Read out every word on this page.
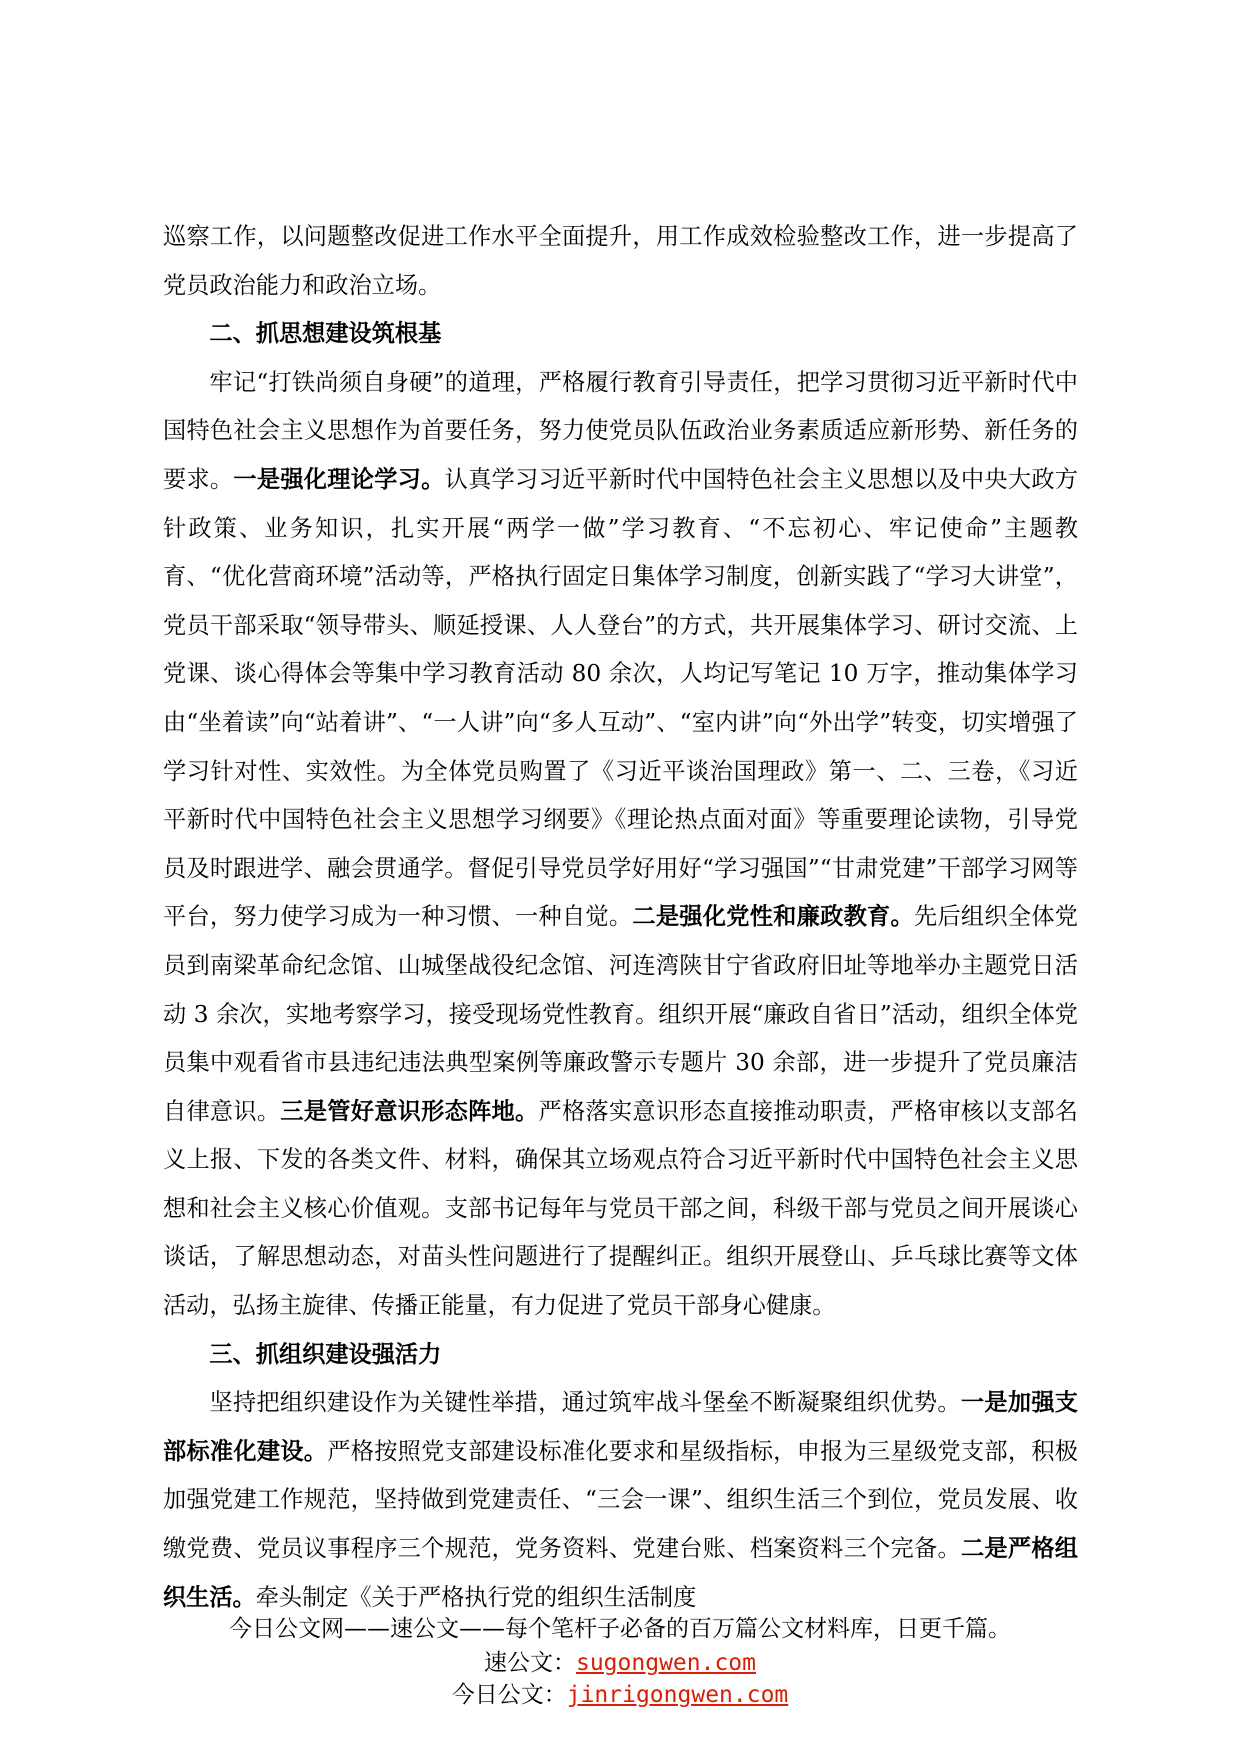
巡察工作，以问题整改促进工作水平全面提升，用工作成效检验整改工作，进一步提高了党员政治能力和政治立场。

二、抓思想建设筑根基

牢记“打铁尚须自身硬”的道理，严格履行教育引导责任，把学习贯彻习近平新时代中国特色社会主义思想作为首要任务，努力使党员队伍政治业务素质适应新形势、新任务的要求。一是强化理论学习。认真学习习近平新时代中国特色社会主义思想以及中央大政方针政策、业务知识，扎实开展“两学一做”学习教育、“不忘初心、牢记使命”主题教育、“优化营商环境”活动等，严格执行固定日集体学习制度，创新实践了“学习大讲堂”，党员干部采取“领导带头、顺延授课、人人登台”的方式，共开展集体学习、研讨交流、上党课、谈心得体会等集中学习教育活动 80 余次，人均记写笔记 10 万字，推动集体学习由“坐着读”向“站着讲”、“一人讲”向“多人互动”、“室内讲”向“外出学”转变，切实增强了学习针对性、实效性。为全体党员购置了《习近平谈治国理政》第一、二、三卷，《习近平新时代中国特色社会主义思想学习纲要》《理论热点面对面》等重要理论读物，引导党员及时跟进学、融会贯通学。督促引导党员学好用好“学习强国”“甘肃党建”干部学习网等平台，努力使学习成为一种习惯、一种自觉。二是强化党性和廉政教育。先后组织全体党员到南梁革命纪念馆、山城堡战役纪念馆、河连湾陕甘宁省政府旧址等地举办主题党日活动 3 余次，实地考察学习，接受现场党性教育。组织开展“廉政自省日”活动，组织全体党员集中观看省市县违纪违法典型案例等廉政警示专题片 30 余部，进一步提升了党员廉洁自律意识。三是管好意识形态阵地。严格落实意识形态直接推动职责，严格审核以支部名义上报、下发的各类文件、材料，确保其立场观点符合习近平新时代中国特色社会主义思想和社会主义核心价值观。支部书记每年与党员干部之间，科级干部与党员之间开展谈心谈话，了解思想动态，对苗头性问题进行了提醒纠正。组织开展登山、乒乓球比赛等文体活动，弘扬主旋律、传播正能量，有力促进了党员干部身心健康。

三、抓组织建设强活力

坚持把组织建设作为关键性举措，通过筑牢战斗堡垒不断凝聚组织优势。一是加强支部标准化建设。严格按照党支部建设标准化要求和星级指标，申报为三星级党支部，积极加强党建工作规范，坚持做到党建责任、“三会一课”、组织生活三个到位，党员发展、收缴党费、党员议事程序三个规范，党务资料、党建台账、档案资料三个完备。二是严格组织生活。牵头制定《关于严格执行党的组织生活制度

今日公文网——速公文——每个笔杆子必备的百万篇公文材料库，日更千篇。
速公文：sugongwen.com
今日公文：jinrigongwen.com
